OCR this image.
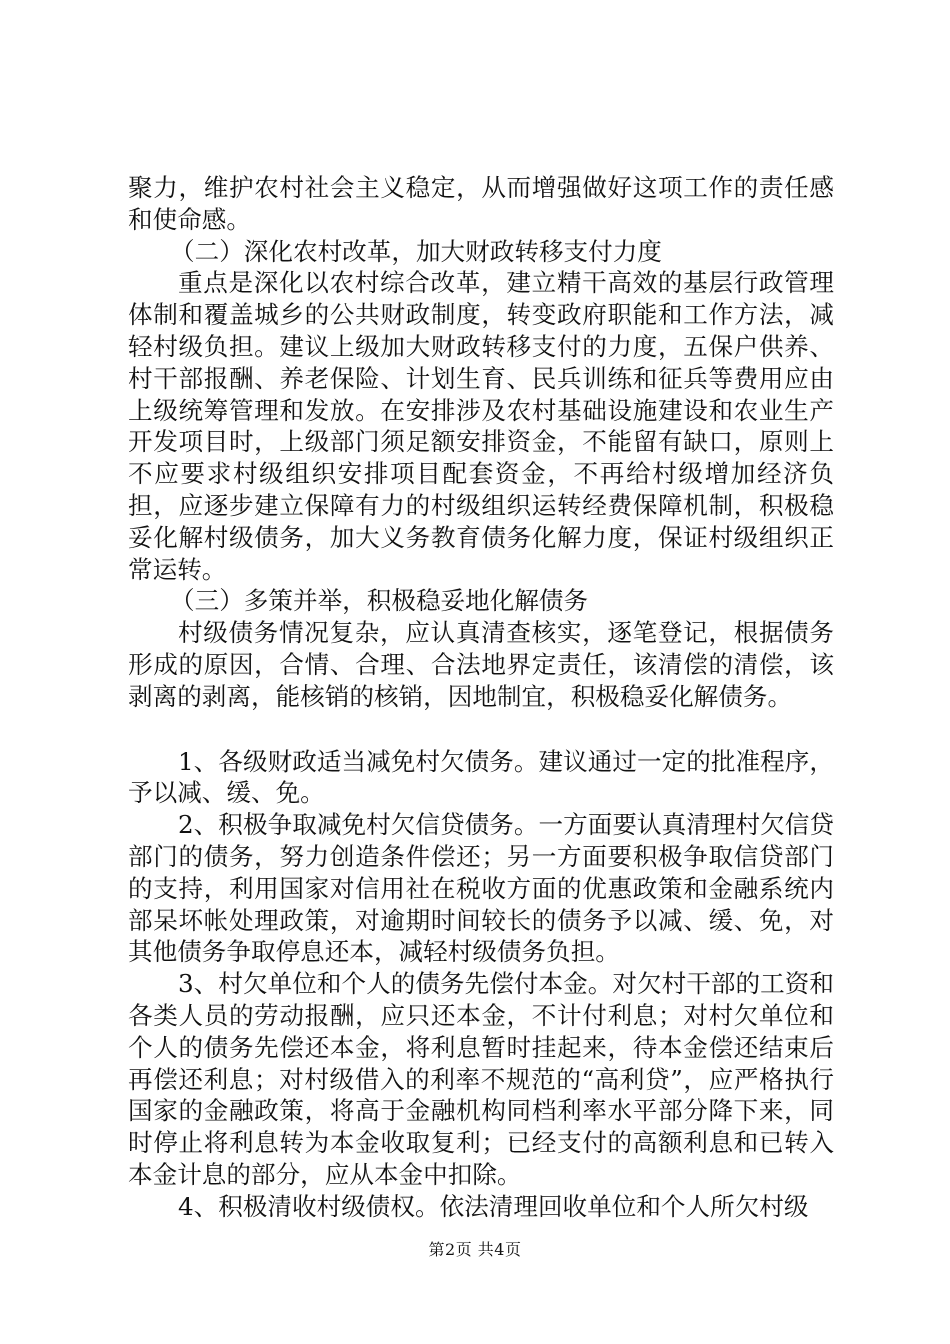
聚力，维护农村社会主义稳定，从而增强做好这项工作的责任感和使命感。

（二）深化农村改革，加大财政转移支付力度

重点是深化以农村综合改革，建立精干高效的基层行政管理体制和覆盖城乡的公共财政制度，转变政府职能和工作方法，减轻村级负担。建议上级加大财政转移支付的力度，五保户供养、村干部报酬、养老保险、计划生育、民兵训练和征兵等费用应由上级统筹管理和发放。在安排涉及农村基础设施建设和农业生产开发项目时，上级部门须足额安排资金，不能留有缺口，原则上不应要求村级组织安排项目配套资金，不再给村级增加经济负担，应逐步建立保障有力的村级组织运转经费保障机制，积极稳妥化解村级债务，加大义务教育债务化解力度，保证村级组织正常运转。

（三）多策并举，积极稳妥地化解债务

村级债务情况复杂，应认真清查核实，逐笔登记，根据债务形成的原因，合情、合理、合法地界定责任，该清偿的清偿，该剥离的剥离，能核销的核销，因地制宜，积极稳妥化解债务。

1、各级财政适当减免村欠债务。建议通过一定的批准程序，予以减、缓、免。

2、积极争取减免村欠信贷债务。一方面要认真清理村欠信贷部门的债务，努力创造条件偿还；另一方面要积极争取信贷部门的支持，利用国家对信用社在税收方面的优惠政策和金融系统内部呆坏帐处理政策，对逾期时间较长的债务予以减、缓、免，对其他债务争取停息还本，减轻村级债务负担。

3、村欠单位和个人的债务先偿付本金。对欠村干部的工资和各类人员的劳动报酬，应只还本金，不计付利息；对村欠单位和个人的债务先偿还本金，将利息暂时挂起来，待本金偿还结束后再偿还利息；对村级借入的利率不规范的“高利贷”，应严格执行国家的金融政策，将高于金融机构同档利率水平部分降下来，同时停止将利息转为本金收取复利；已经支付的高额利息和已转入本金计息的部分，应从本金中扣除。

4、积极清收村级债权。依法清理回收单位和个人所欠村级

第2页 共4页
